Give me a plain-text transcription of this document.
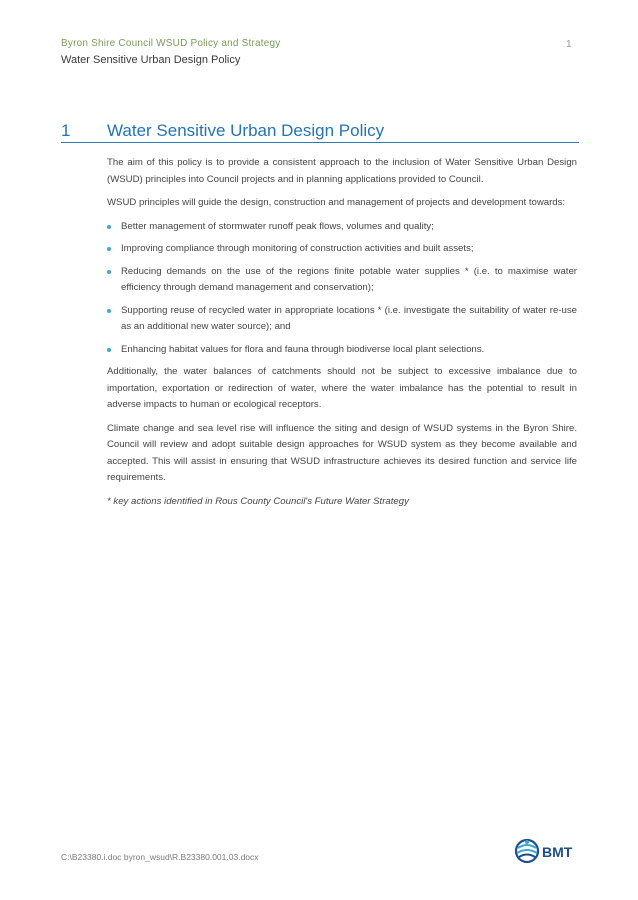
Byron Shire Council WSUD Policy and Strategy
Water Sensitive Urban Design Policy
1
1 Water Sensitive Urban Design Policy

The aim of this policy is to provide a consistent approach to the inclusion of Water Sensitive Urban Design (WSUD) principles into Council projects and in planning applications provided to Council.

WSUD principles will guide the design, construction and management of projects and development towards:

Better management of stormwater runoff peak flows, volumes and quality;
Improving compliance through monitoring of construction activities and built assets;
Reducing demands on the use of the regions finite potable water supplies * (i.e. to maximise water efficiency through demand management and conservation);
Supporting reuse of recycled water in appropriate locations * (i.e. investigate the suitability of water re-use as an additional new water source); and
Enhancing habitat values for flora and fauna through biodiverse local plant selections.

Additionally, the water balances of catchments should not be subject to excessive imbalance due to importation, exportation or redirection of water, where the water imbalance has the potential to result in adverse impacts to human or ecological receptors.

Climate change and sea level rise will influence the siting and design of WSUD systems in the Byron Shire. Council will review and adopt suitable design approaches for WSUD system as they become available and accepted. This will assist in ensuring that WSUD infrastructure achieves its desired function and service life requirements.

* key actions identified in Rous County Council's Future Water Strategy

C:\B23380.i.doc byron_wsud\R.B23380.001.03.docx	BMT
